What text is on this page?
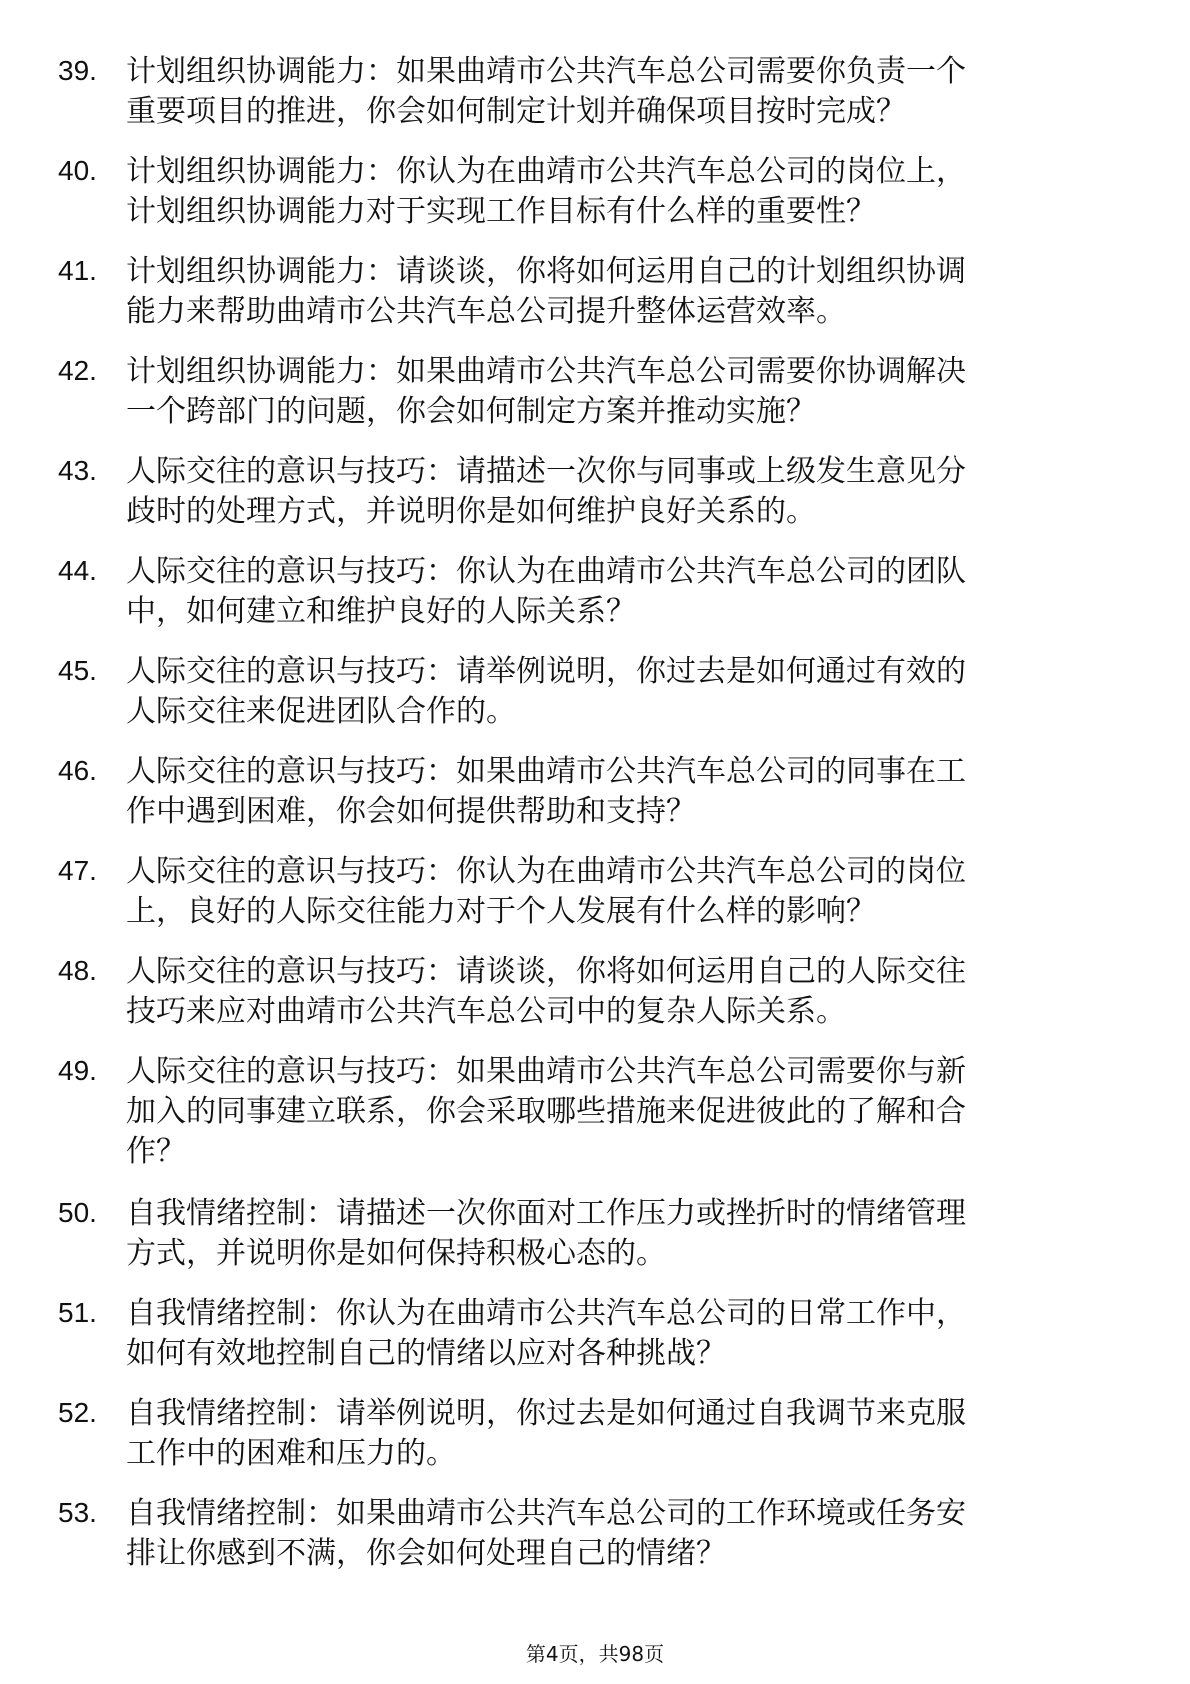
39. 计划组织协调能力：如果曲靖市公共汽车总公司需要你负责一个
重要项目的推进，你会如何制定计划并确保项目按时完成？
40. 计划组织协调能力：你认为在曲靖市公共汽车总公司的岗位上，
计划组织协调能力对于实现工作目标有什么样的重要性？
41. 计划组织协调能力：请谈谈，你将如何运用自己的计划组织协调
能力来帮助曲靖市公共汽车总公司提升整体运营效率。
42. 计划组织协调能力：如果曲靖市公共汽车总公司需要你协调解决
一个跨部门的问题，你会如何制定方案并推动实施？
43. 人际交往的意识与技巧：请描述一次你与同事或上级发生意见分
歧时的处理方式，并说明你是如何维护良好关系的。
44. 人际交往的意识与技巧：你认为在曲靖市公共汽车总公司的团队
中，如何建立和维护良好的人际关系？
45. 人际交往的意识与技巧：请举例说明，你过去是如何通过有效的
人际交往来促进团队合作的。
46. 人际交往的意识与技巧：如果曲靖市公共汽车总公司的同事在工
作中遇到困难，你会如何提供帮助和支持？
47. 人际交往的意识与技巧：你认为在曲靖市公共汽车总公司的岗位
上，良好的人际交往能力对于个人发展有什么样的影响？
48. 人际交往的意识与技巧：请谈谈，你将如何运用自己的人际交往
技巧来应对曲靖市公共汽车总公司中的复杂人际关系。
49. 人际交往的意识与技巧：如果曲靖市公共汽车总公司需要你与新
加入的同事建立联系，你会采取哪些措施来促进彼此的了解和合
作？
50. 自我情绪控制：请描述一次你面对工作压力或挫折时的情绪管理
方式，并说明你是如何保持积极心态的。
51. 自我情绪控制：你认为在曲靖市公共汽车总公司的日常工作中，
如何有效地控制自己的情绪以应对各种挑战？
52. 自我情绪控制：请举例说明，你过去是如何通过自我调节来克服
工作中的困难和压力的。
53. 自我情绪控制：如果曲靖市公共汽车总公司的工作环境或任务安
排让你感到不满，你会如何处理自己的情绪？
第4页，共98页
